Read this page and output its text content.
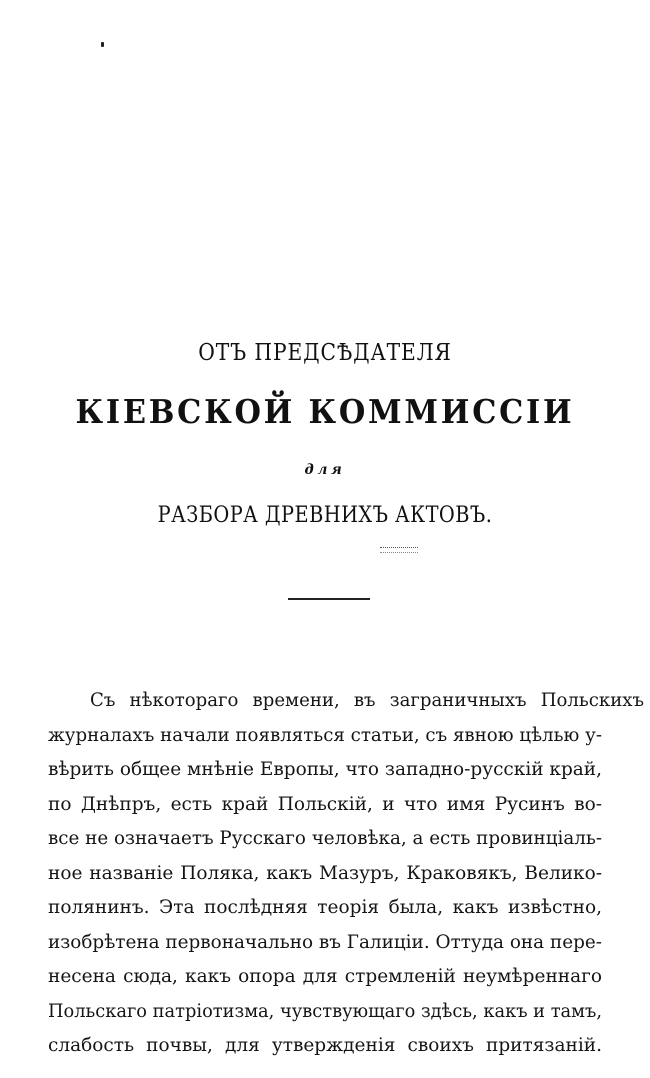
ОТЪ ПРЕДСѢДАТЕЛЯ
КІЕВСКОЙ КОММИССІИ
для
РАЗБОРА ДРЕВНИХЪ АКТОВЪ.
Съ нѣкотораго времени, въ заграничныхъ Польскихъ
журналахъ начали появляться статьи, съ явною цѣлью у-
вѣрить общее мнѣніе Европы, что западно-русскій край,
по Днѣпръ, есть край Польскій, и что имя Русинъ во-
все не означаетъ Русскаго человѣка, а есть провинціаль-
ное названіе Поляка, какъ Мазуръ, Краковякъ, Велико-
полянинъ. Эта послѣдняя теорія была, какъ извѣстно,
изобрѣтена первоначально въ Галиціи. Оттуда она пере-
несена сюда, какъ опора для стремленій неумѣреннаго
Польскаго патріотизма, чувствующаго здѣсь, какъ и тамъ,
слабость почвы, для утвержденія своихъ притязаній.
